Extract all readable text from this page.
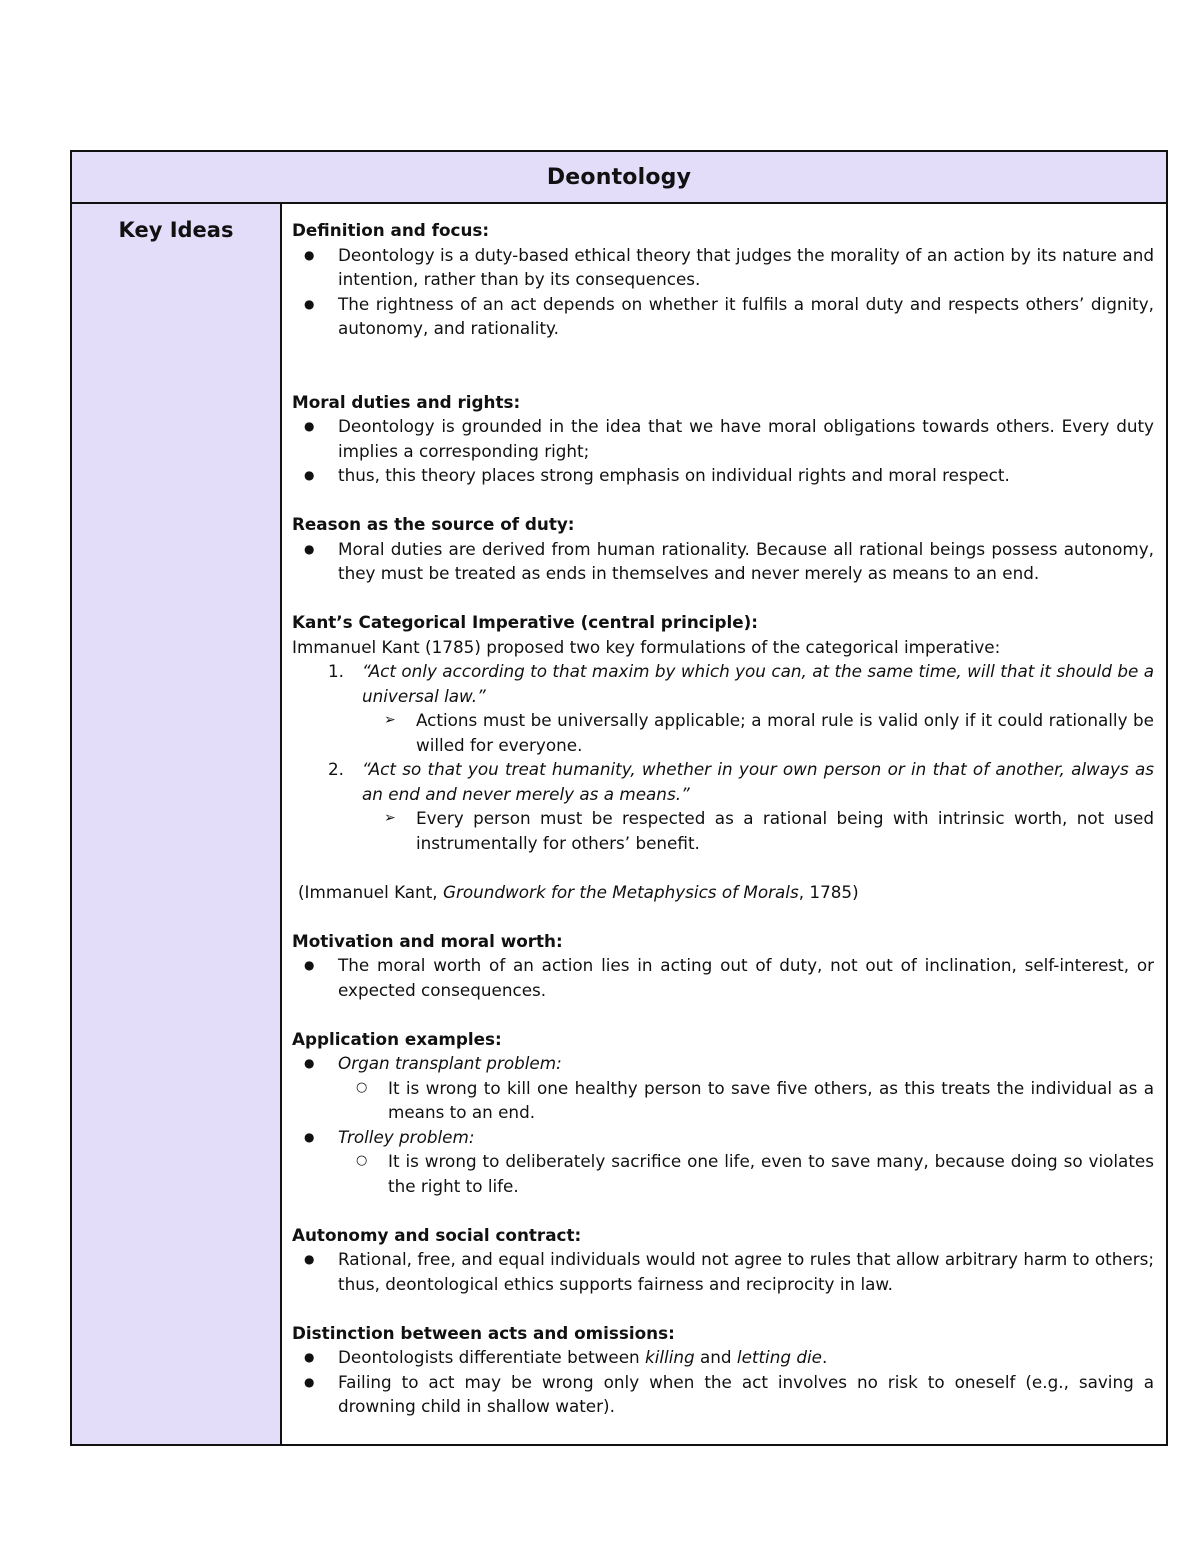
Deontology
Key Ideas	Definition and focus:
● Deontology is a duty-based ethical theory that judges the morality of an action by its nature and intention, rather than by its consequences.
● The rightness of an act depends on whether it fulfils a moral duty and respects others’ dignity, autonomy, and rationality.
Moral duties and rights:
● Deontology is grounded in the idea that we have moral obligations towards others. Every duty implies a corresponding right;
● thus, this theory places strong emphasis on individual rights and moral respect.
Reason as the source of duty:
● Moral duties are derived from human rationality. Because all rational beings possess autonomy, they must be treated as ends in themselves and never merely as means to an end.
Kant’s Categorical Imperative (central principle):
Immanuel Kant (1785) proposed two key formulations of the categorical imperative:
1. “Act only according to that maxim by which you can, at the same time, will that it should be a universal law.”
➢ Actions must be universally applicable; a moral rule is valid only if it could rationally be willed for everyone.
2. “Act so that you treat humanity, whether in your own person or in that of another, always as an end and never merely as a means.”
➢ Every person must be respected as a rational being with intrinsic worth, not used instrumentally for others’ benefit.
(Immanuel Kant, Groundwork for the Metaphysics of Morals, 1785)
Motivation and moral worth:
● The moral worth of an action lies in acting out of duty, not out of inclination, self-interest, or expected consequences.
Application examples:
● Organ transplant problem:
○ It is wrong to kill one healthy person to save five others, as this treats the individual as a means to an end.
● Trolley problem:
○ It is wrong to deliberately sacrifice one life, even to save many, because doing so violates the right to life.
Autonomy and social contract:
● Rational, free, and equal individuals would not agree to rules that allow arbitrary harm to others; thus, deontological ethics supports fairness and reciprocity in law.
Distinction between acts and omissions:
● Deontologists differentiate between killing and letting die.
● Failing to act may be wrong only when the act involves no risk to oneself (e.g., saving a drowning child in shallow water).
